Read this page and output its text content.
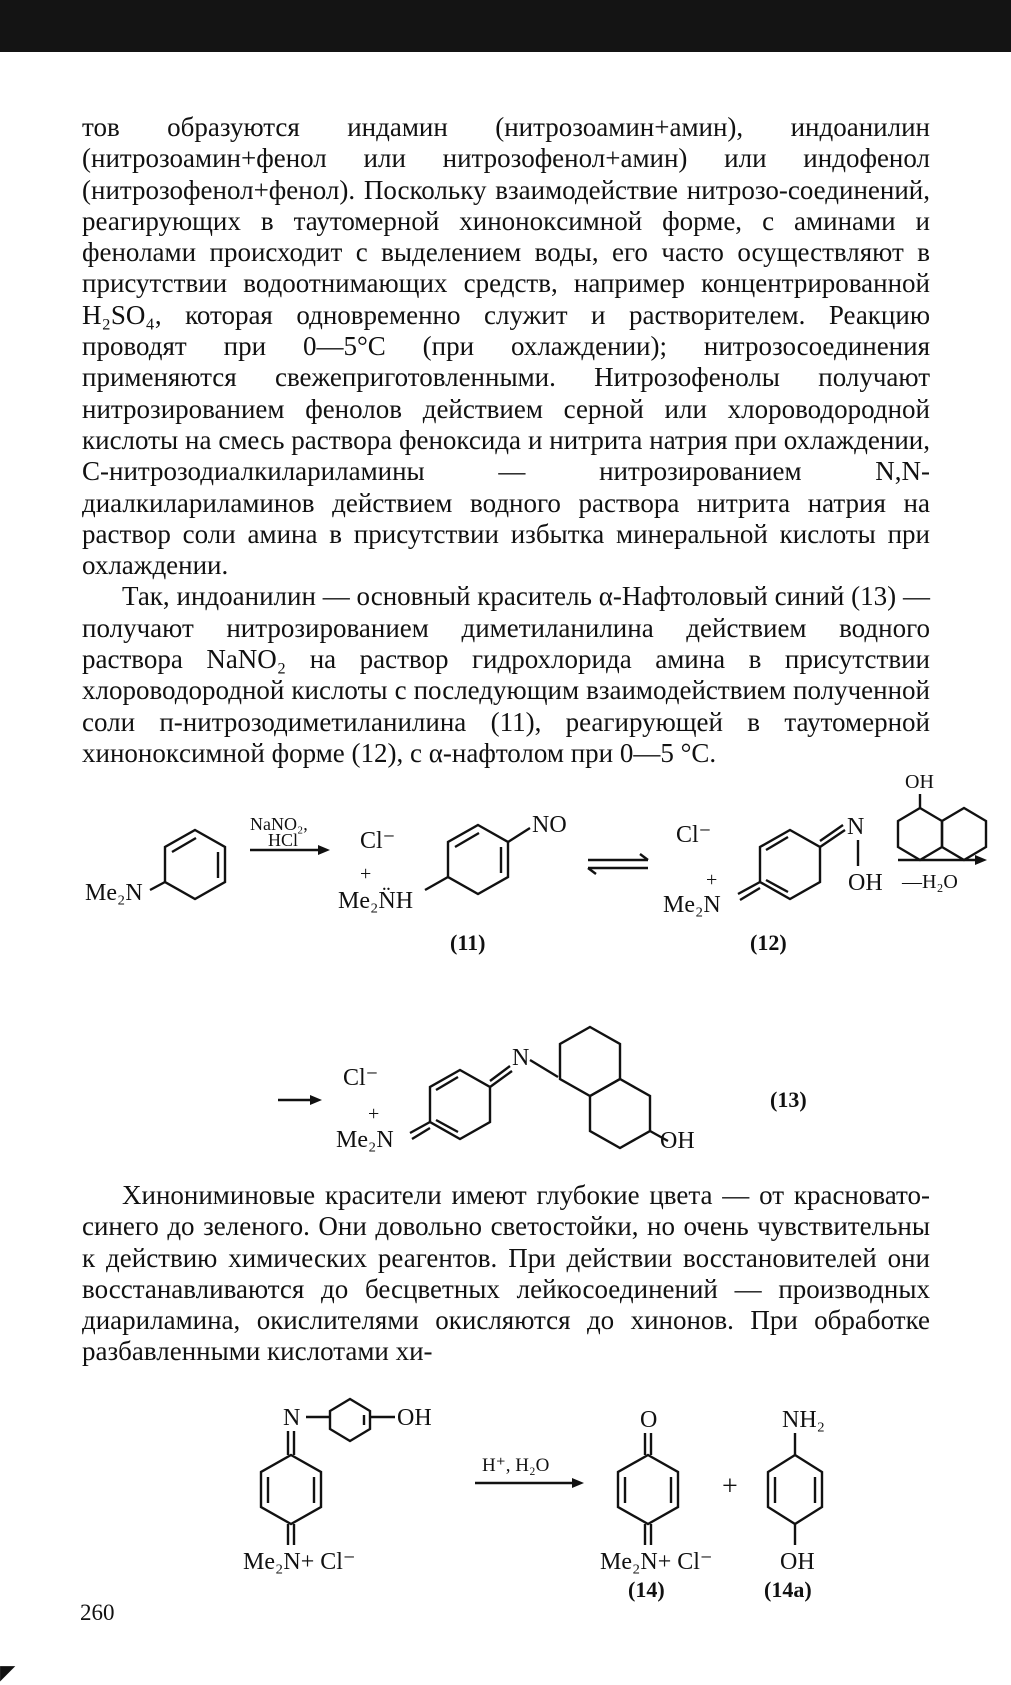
тов образуются индамин (нитрозоамин+амин), индоанилин (нитрозоамин+фенол или нитрозофенол+амин) или индофенол (нитрозофенол+фенол). Поскольку взаимодействие нитрозо-соединений, реагирующих в таутомерной хинонокcимной форме, с аминами и фенолами происходит с выделением воды, его часто осуществляют в присутствии водоотнимающих средств, например концентрированной H₂SO₄, которая одновременно служит и растворителем. Реакцию проводят при 0—5°С (при охлаждении); нитрозосоединения применяются свежеприготовленными. Нитрозофенолы получают нитрозированием фенолов действием серной или хлороводородной кислоты на смесь раствора феноксида и нитрита натрия при охлаждении, С-нитрозодиалкилариламины — нитрозированием N,N-диалкилариламинов действием водного раствора нитрита натрия на раствор соли амина в присутствии избытка минеральной кислоты при охлаждении.

Так, индоанилин — основный краситель α-Нафтоловый синий (13) — получают нитрозированием диметиланилина действием водного раствора NaNO₂ на раствор гидрохлорида амина в присутствии хлороводородной кислоты с последующим взаимодействием полученной соли п-нитрозодиметиланилина (11), реагирующей в таутомерной хинонокcимной форме (12), с α-нафтолом при 0—5 °С.

Me₂N
NaNO₂,
HCl	Cl⁻
+
Me₂N̈H
NO
(11)
Cl⁻
+
Me₂N
N
OH
(12)
OH
—H₂O
Cl⁻
+
Me₂N
N
OH
(13)

Хинониминовые красители имеют глубокие цвета — от красновато-синего до зеленого. Они довольно светостойки, но очень чувствительны к действию химических реагентов. При действии восстановителей они восстанавливаются до бесцветных лейкосоединений — производных диариламина, окислителями окисляются до хинонов. При обработке разбавленными кислотами хи-

N	OH
Me₂N+ Cl⁻
H⁺, H₂O
O
Me₂N+ Cl⁻
(14)
+
NH₂
OH
(14a)
260
◤
